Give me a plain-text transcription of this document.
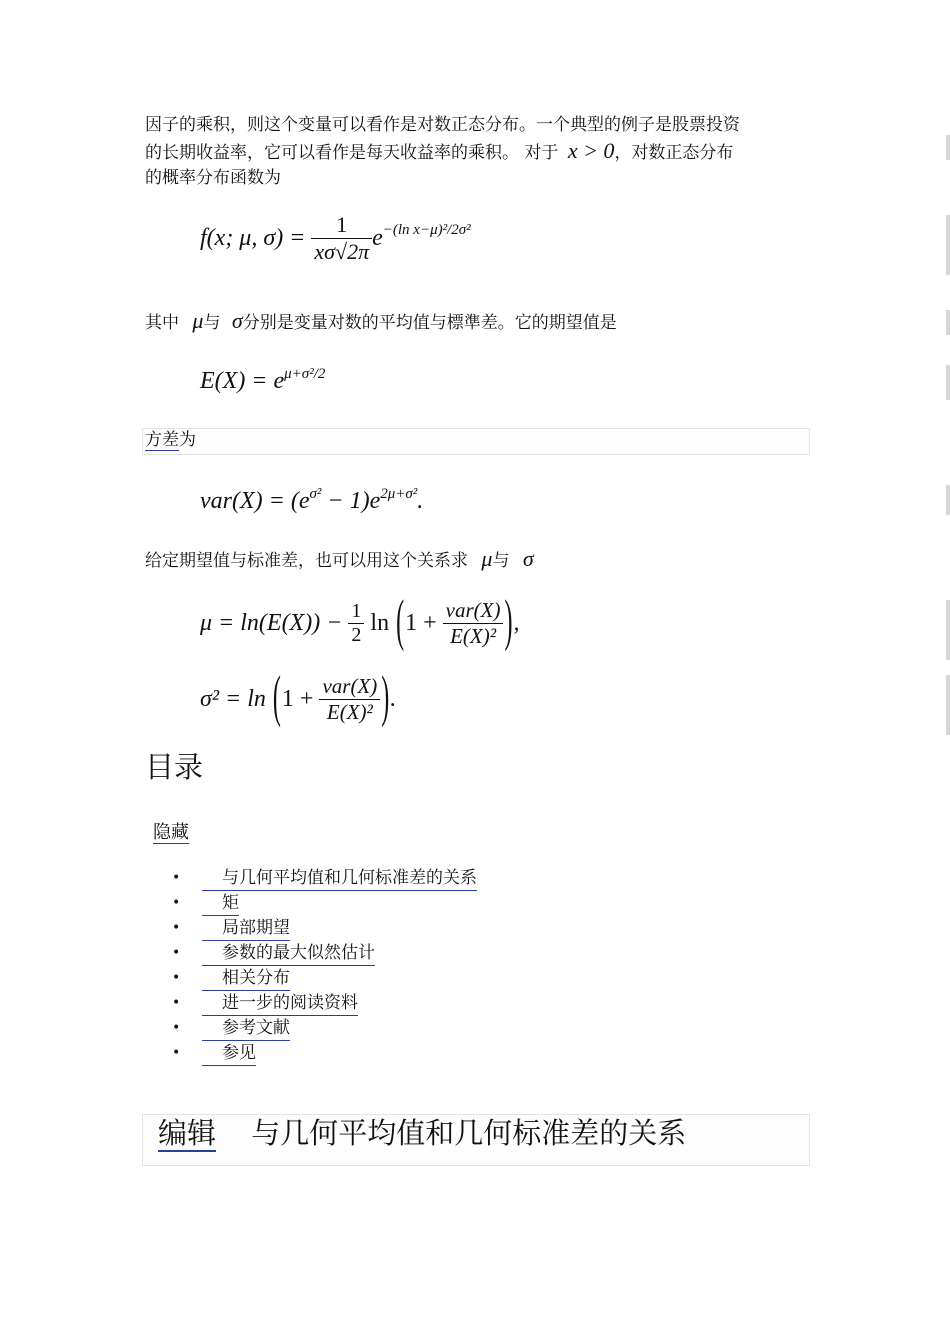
因子的乘积，则这个变量可以看作是对数正态分布。一个典型的例子是股票投资
的长期收益率，它可以看作是每天收益率的乘积。 对于 x > 0，对数正态分布
的概率分布函数为
f(x; μ, $\sigma) = \frac{1}{x\sigma√2\pi} e^{-(ln x-\mu)^2/2\sigma^2}$
其中 μ与 σ分别是变量对数的平均值与標準差。它的期望值是
$E(X) = e^{\mu+\sigma^2/2}$
方差为
$var(X) = (e^{\sigma^2} - 1)e^{2\mu+\sigma^2}$.
给定期望值与标准差，也可以用这个关系求 μ与 σ
$\mu = \ln(E(X)) - \frac{1}{2}$ $\ln (1 + \frac{\text{var(X)}}{\text{E(X)²}}$ ),
$\sigma^2 = \ln (1 + \frac{\text{var(X)}}{\text{E(X)²}}$ ).
目录
隐藏
•	与几何平均值和几何标准差的关系
•	矩
•	局部期望
•	参数的最大似然估计
•	相关分布
•	进一步的阅读资料
•	参考文献
•	参见
编辑 与几何平均值和几何标准差的关系
